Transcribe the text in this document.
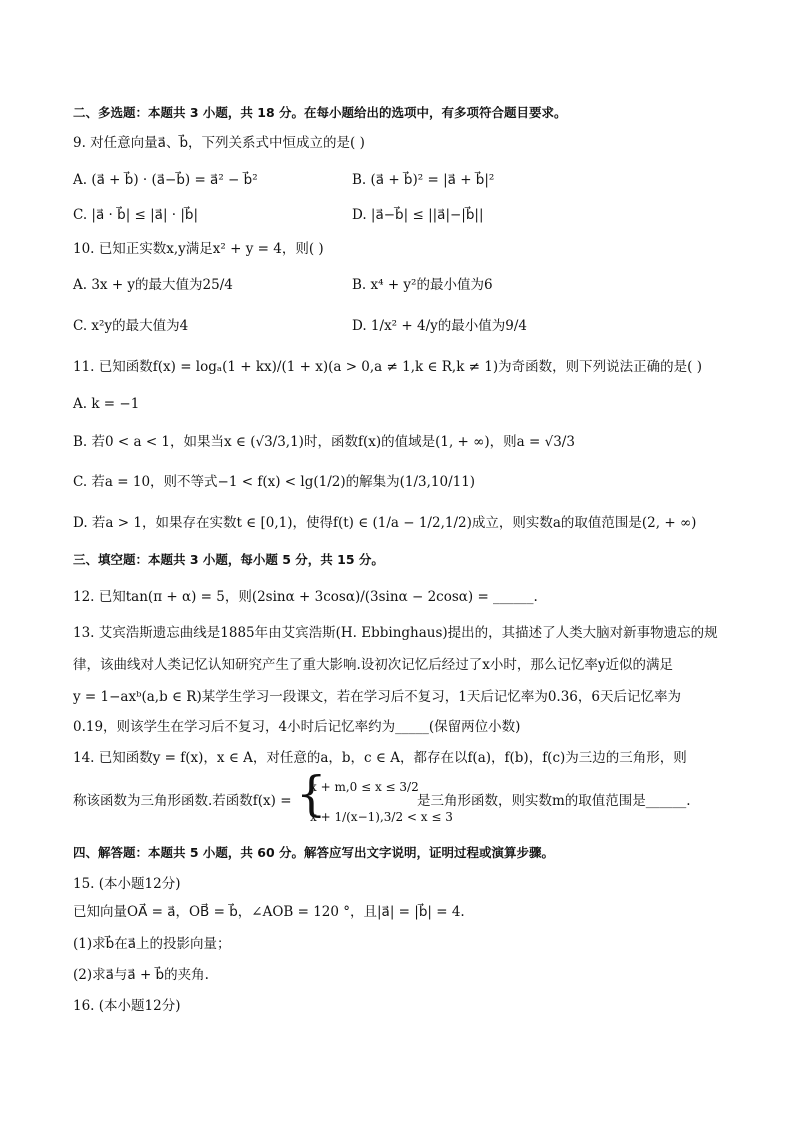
二、多选题：本题共 3 小题，共 18 分。在每小题给出的选项中，有多项符合题目要求。
9. 对任意向量a⃗、b⃗，下列关系式中恒成立的是( )
A. (a⃗ + b⃗) · (a⃗−b⃗) = a⃗² − b⃗²	B. (a⃗ + b⃗)² = |a⃗ + b⃗|²
C. |a⃗ · b⃗| ≤ |a⃗| · |b⃗|	D. |a⃗−b⃗| ≤ ||a⃗|−|b⃗||
10. 已知正实数x,y满足x² + y = 4，则( )
A. 3x + y的最大值为25/4	B. x⁴ + y²的最小值为6
C. x²y的最大值为4	D. 1/x² + 4/y的最小值为9/4
11. 已知函数f(x) = logₐ(1 + kx)/(1 + x)(a > 0,a ≠ 1,k ∈ R,k ≠ 1)为奇函数，则下列说法正确的是( )
A. k = −1
B. 若0 < a < 1，如果当x ∈ (√3/3,1)时，函数f(x)的值域是(1, + ∞)，则a = √3/3
C. 若a = 10，则不等式−1 < f(x) < lg(1/2)的解集为(1/3,10/11)
D. 若a > 1，如果存在实数t ∈ [0,1)，使得f(t) ∈ (1/a − 1/2,1/2)成立，则实数a的取值范围是(2, + ∞)
三、填空题：本题共 3 小题，每小题 5 分，共 15 分。
12. 已知tan(π + α) = 5，则(2sinα + 3cosα)/(3sinα − 2cosα) = ______.
13. 艾宾浩斯遗忘曲线是1885年由艾宾浩斯(H. Ebbinghaus)提出的，其描述了人类大脑对新事物遗忘的规
律，该曲线对人类记忆认知研究产生了重大影响.设初次记忆后经过了x小时，那么记忆率y近似的满足
y = 1−axᵇ(a,b ∈ R)某学生学习一段课文，若在学习后不复习，1天后记忆率为0.36，6天后记忆率为
0.19，则该学生在学习后不复习，4小时后记忆率约为_____(保留两位小数)
14. 已知函数y = f(x)，x ∈ A，对任意的a，b，c ∈ A，都存在以f(a)，f(b)，f(c)为三边的三角形，则
称该函数为三角形函数.若函数f(x) = {
x + m,0 ≤ x ≤ 3/2
x + 1/(x−1),3/2 < x ≤ 3
是三角形函数，则实数m的取值范围是______.
四、解答题：本题共 5 小题，共 60 分。解答应写出文字说明，证明过程或演算步骤。
15. (本小题12分)
已知向量OA⃗ = a⃗，OB⃗ = b⃗，∠AOB = 120 °，且|a⃗| = |b⃗| = 4.
(1)求b⃗在a⃗上的投影向量；
(2)求a⃗与a⃗ + b⃗的夹角.
16. (本小题12分)
